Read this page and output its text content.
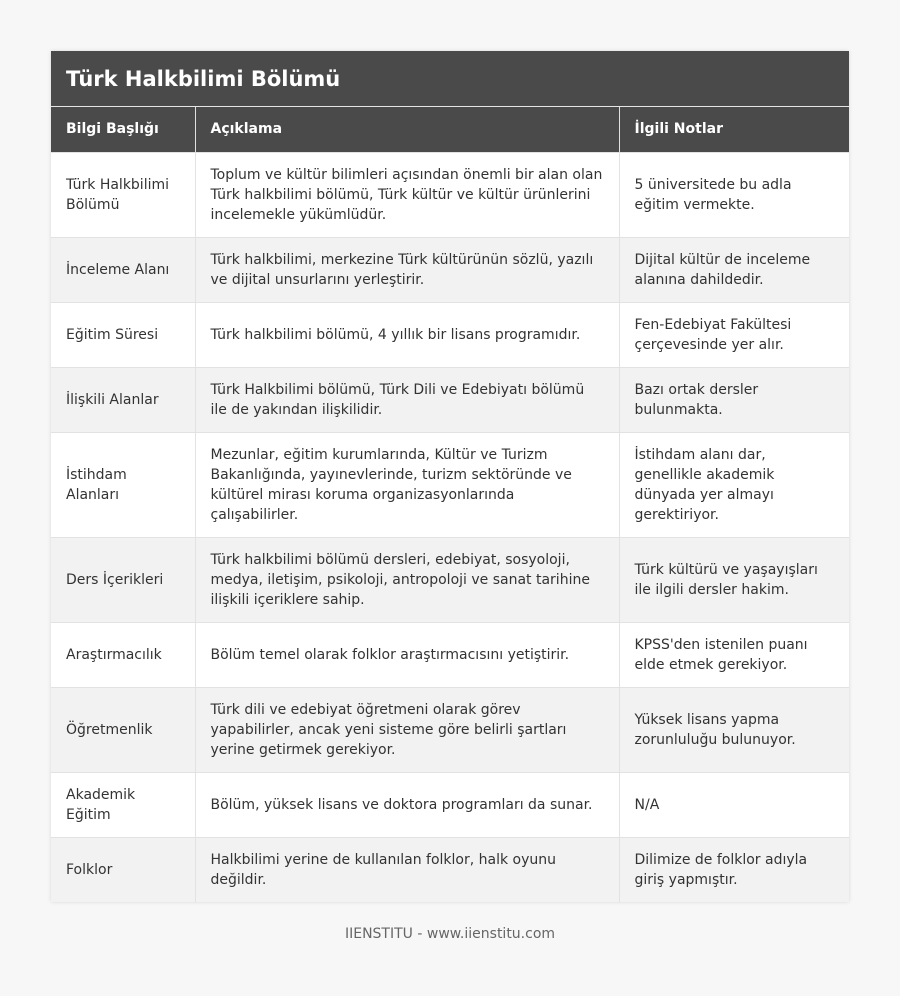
Türk Halkbilimi Bölümü
Bilgi Başlığı	Açıklama	İlgili Notlar
Türk Halkbilimi Bölümü	Toplum ve kültür bilimleri açısından önemli bir alan olan Türk halkbilimi bölümü, Türk kültür ve kültür ürünlerini incelemekle yükümlüdür.	5 üniversitede bu adla eğitim vermekte.
İnceleme Alanı	Türk halkbilimi, merkezine Türk kültürünün sözlü, yazılı ve dijital unsurlarını yerleştirir.	Dijital kültür de inceleme alanına dahildedir.
Eğitim Süresi	Türk halkbilimi bölümü, 4 yıllık bir lisans programıdır.	Fen-Edebiyat Fakültesi çerçevesinde yer alır.
İlişkili Alanlar	Türk Halkbilimi bölümü, Türk Dili ve Edebiyatı bölümü ile de yakından ilişkilidir.	Bazı ortak dersler bulunmakta.
İstihdam Alanları	Mezunlar, eğitim kurumlarında, Kültür ve Turizm Bakanlığında, yayınevlerinde, turizm sektöründe ve kültürel mirası koruma organizasyonlarında çalışabilirler.	İstihdam alanı dar, genellikle akademik dünyada yer almayı gerektiriyor.
Ders İçerikleri	Türk halkbilimi bölümü dersleri, edebiyat, sosyoloji, medya, iletişim, psikoloji, antropoloji ve sanat tarihine ilişkili içeriklere sahip.	Türk kültürü ve yaşayışları ile ilgili dersler hakim.
Araştırmacılık	Bölüm temel olarak folklor araştırmacısını yetiştirir.	KPSS'den istenilen puanı elde etmek gerekiyor.
Öğretmenlik	Türk dili ve edebiyat öğretmeni olarak görev yapabilirler, ancak yeni sisteme göre belirli şartları yerine getirmek gerekiyor.	Yüksek lisans yapma zorunluluğu bulunuyor.
Akademik Eğitim	Bölüm, yüksek lisans ve doktora programları da sunar.	N/A
Folklor	Halkbilimi yerine de kullanılan folklor, halk oyunu değildir.	Dilimize de folklor adıyla giriş yapmıştır.
IIENSTITU - www.iienstitu.com
